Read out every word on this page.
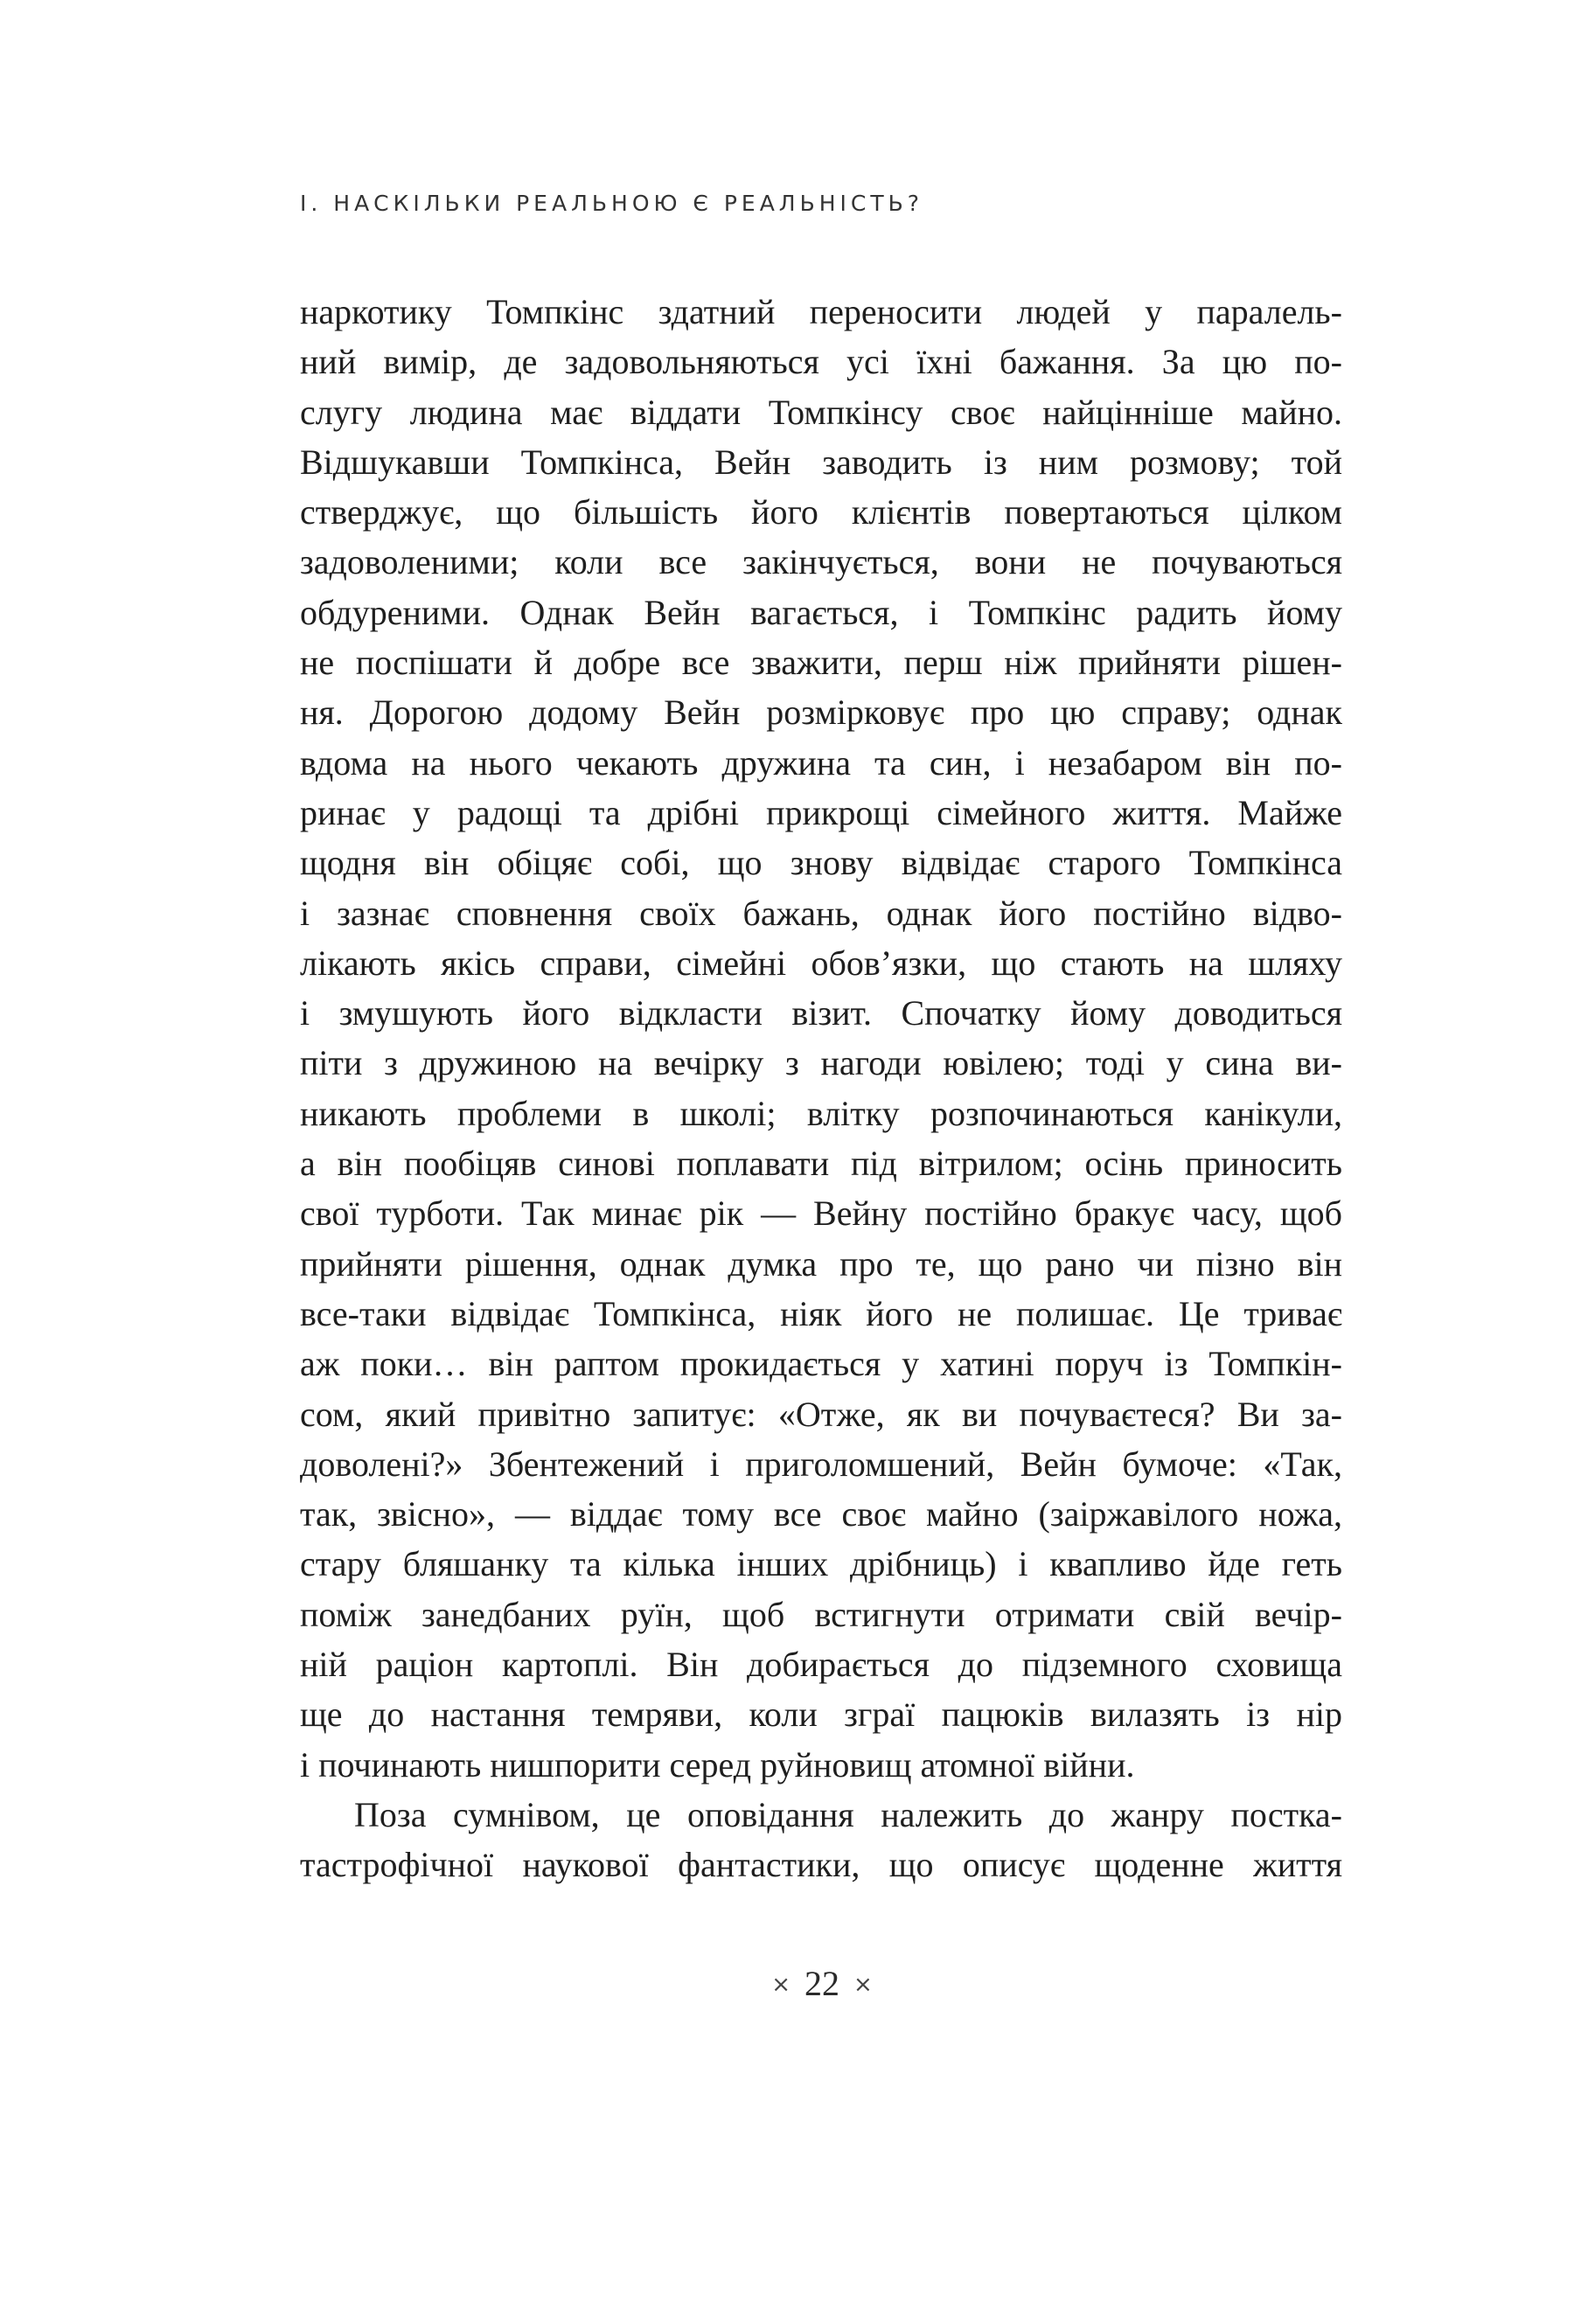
І. НАСКІЛЬКИ РЕАЛЬНОЮ Є РЕАЛЬНІСТЬ?
наркотику Томпкінс здатний переносити людей у паралель-
ний вимір, де задовольняються усі їхні бажання. За цю по-
слугу людина має віддати Томпкінсу своє найцінніше майно.
Відшукавши Томпкінса, Вейн заводить із ним розмову; той
стверджує, що більшість його клієнтів повертаються цілком
задоволеними; коли все закінчується, вони не почуваються
обдуреними. Однак Вейн вагається, і Томпкінс радить йому
не поспішати й добре все зважити, перш ніж прийняти рішен-
ня. Дорогою додому Вейн розмірковує про цю справу; однак
вдома на нього чекають дружина та син, і незабаром він по-
ринає у радощі та дрібні прикрощі сімейного життя. Майже
щодня він обіцяє собі, що знову відвідає старого Томпкінса
і зазнає сповнення своїх бажань, однак його постійно відво-
лікають якісь справи, сімейні обов’язки, що стають на шляху
і змушують його відкласти візит. Спочатку йому доводиться
піти з дружиною на вечірку з нагоди ювілею; тоді у сина ви-
никають проблеми в школі; влітку розпочинаються канікули,
а він пообіцяв синові поплавати під вітрилом; осінь приносить
свої турботи. Так минає рік — Вейну постійно бракує часу, щоб
прийняти рішення, однак думка про те, що рано чи пізно він
все-таки відвідає Томпкінса, ніяк його не полишає. Це триває
аж поки… він раптом прокидається у хатині поруч із Томпкін-
сом, який привітно запитує: «Отже, як ви почуваєтеся? Ви за-
доволені?» Збентежений і приголомшений, Вейн бумоче: «Так,
так, звісно», — віддає тому все своє майно (заіржавілого ножа,
стару бляшанку та кілька інших дрібниць) і квапливо йде геть
поміж занедбаних руїн, щоб встигнути отримати свій вечір-
ній раціон картоплі. Він добирається до підземного сховища
ще до настання темряви, коли зграї пацюків вилазять із нір
і починають нишпорити серед руйновищ атомної війни.
Поза сумнівом, це оповідання належить до жанру постка-
тастрофічної наукової фантастики, що описує щоденне життя
× 22 ×
